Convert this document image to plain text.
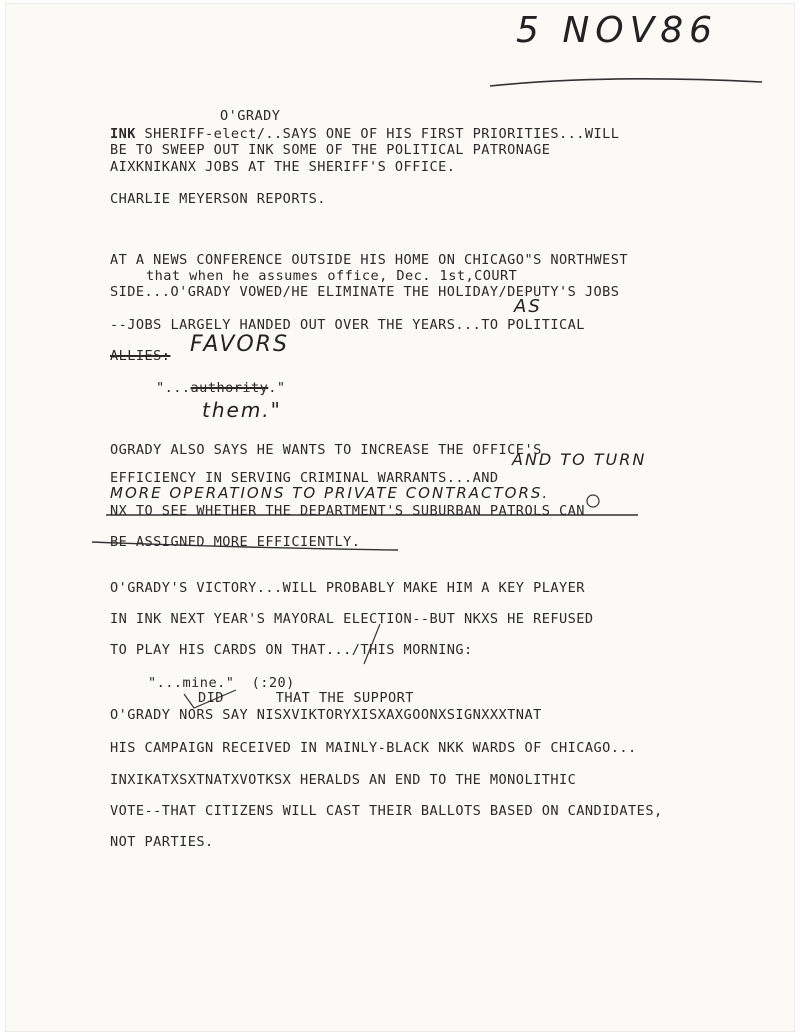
5 NOV86
O'GRADY
INK SHERIFF-elect/..SAYS ONE OF HIS FIRST PRIORITIES...WILL
BE TO SWEEP OUT INK SOME OF THE POLITICAL PATRONAGE
AIXKNIKANX JOBS AT THE SHERIFF'S OFFICE.
CHARLIE MEYERSON REPORTS.
AT A NEWS CONFERENCE OUTSIDE HIS HOME ON CHICAGO"S NORTHWEST
that when he assumes office, Dec. 1st,COURT
SIDE...O'GRADY VOWED/HE ELIMINATE THE HOLIDAY/DEPUTY'S JOBS
AS
--JOBS LARGELY HANDED OUT OVER THE YEARS...TO POLITICAL
ALLIES: FAVORS
"...authority."
them."
OGRADY ALSO SAYS HE WANTS TO INCREASE THE OFFICE'S
AND TO TURN
EFFICIENCY IN SERVING CRIMINAL WARRANTS...AND
MORE OPERATIONS TO PRIVATE CONTRACTORS.
NX TO SEE WHETHER THE DEPARTMENT'S SUBURBAN PATROLS CAN
BE ASSIGNED MORE EFFICIENTLY.
O'GRADY'S VICTORY...WILL PROBABLY MAKE HIM A KEY PLAYER
IN INK NEXT YEAR'S MAYORAL ELECTION--BUT NKXS HE REFUSED
TO PLAY HIS CARDS ON THAT.../THIS MORNING:
"...mine."  (:20)
DID      THAT THE SUPPORT
O'GRADY NORS SAY NISXVIKTORYXISXAXGOONXSIGNXXXTNAT
HIS CAMPAIGN RECEIVED IN MAINLY-BLACK NKK WARDS OF CHICAGO...
INXIKATXSXTNATXVOTKSX HERALDS AN END TO THE MONOLITHIC
VOTE--THAT CITIZENS WILL CAST THEIR BALLOTS BASED ON CANDIDATES,
NOT PARTIES.
